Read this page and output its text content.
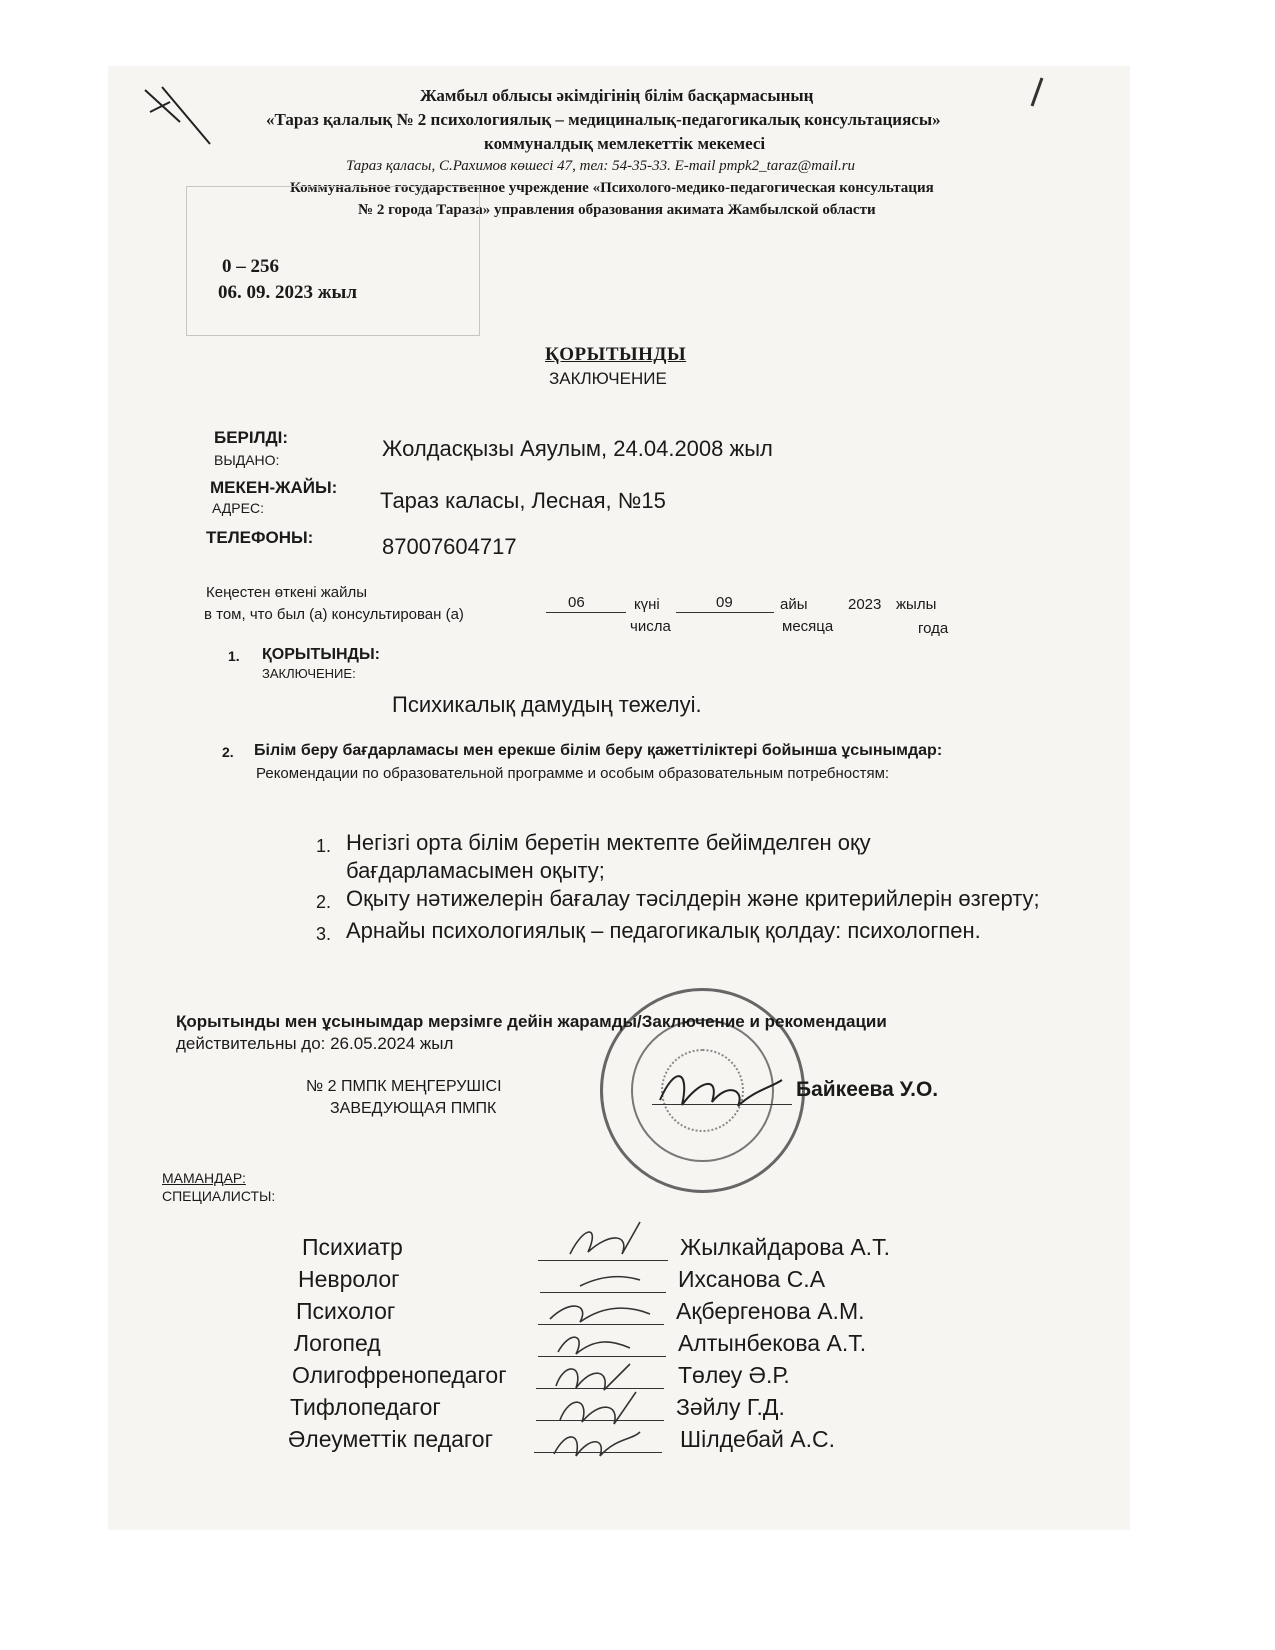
Жамбыл облысы әкімдігінің білім басқармасының
«Тараз қалалық № 2 психологиялық – медициналық-педагогикалық консультациясы»
коммуналдық мемлекеттік мекемесі
Тараз қаласы, С.Рахимов көшесі 47, тел: 54-35-33. E-mail pmpk2_taraz@mail.ru
Коммунальное государственное учреждение «Психолого-медико-педагогическая консультация
№ 2 города Тараза» управления образования акимата Жамбылской области
0 – 256
06. 09. 2023 жыл
ҚОРЫТЫНДЫ
ЗАКЛЮЧЕНИЕ
БЕРІЛДІ:
ВЫДАНО:	Жолдасқызы Аяулым, 24.04.2008 жыл
МЕКЕН-ЖАЙЫ:
АДРЕС:	Тараз каласы, Лесная, №15
ТЕЛЕФОНЫ:	87007604717
Кеңестен өткені жайлы
в том, что был (а) консультирован (а)
06	күні
числа
09	айы
месяца
2023 жылы
года
1. ҚОРЫТЫНДЫ:
ЗАКЛЮЧЕНИЕ:
Психикалық дамудың тежелуі.
2. Білім беру бағдарламасы мен ерекше білім беру қажеттіліктері бойынша ұсынымдар:
Рекомендации по образовательной программе и особым образовательным потребностям:
1. Негізгі орта білім беретін мектепте бейімделген оқу
бағдарламасымен оқыту;
2. Оқыту нәтижелерін бағалау тәсілдерін және критерийлерін өзгерту;
3. Арнайы психологиялық – педагогикалық қолдау: психологпен.
Қорытынды мен ұсынымдар мерзімге дейін жарамды/Заключение и рекомендации
действительны до: 26.05.2024 жыл
№ 2 ПМПК МЕҢГЕРУШІСІ
ЗАВЕДУЮЩАЯ ПМПК
Байкеева У.О.
МАМАНДАР:
СПЕЦИАЛИСТЫ:
Психиатр	Жылкайдарова А.Т.
Невролог	Ихсанова С.А
Психолог	Ақбергенова А.М.
Логопед	Алтынбекова А.Т.
Олигофренопедагог	Төлеу Ә.Р.
Тифлопедагог	Зәйлу Г.Д.
Әлеуметтік педагог	Шілдебай А.С.
